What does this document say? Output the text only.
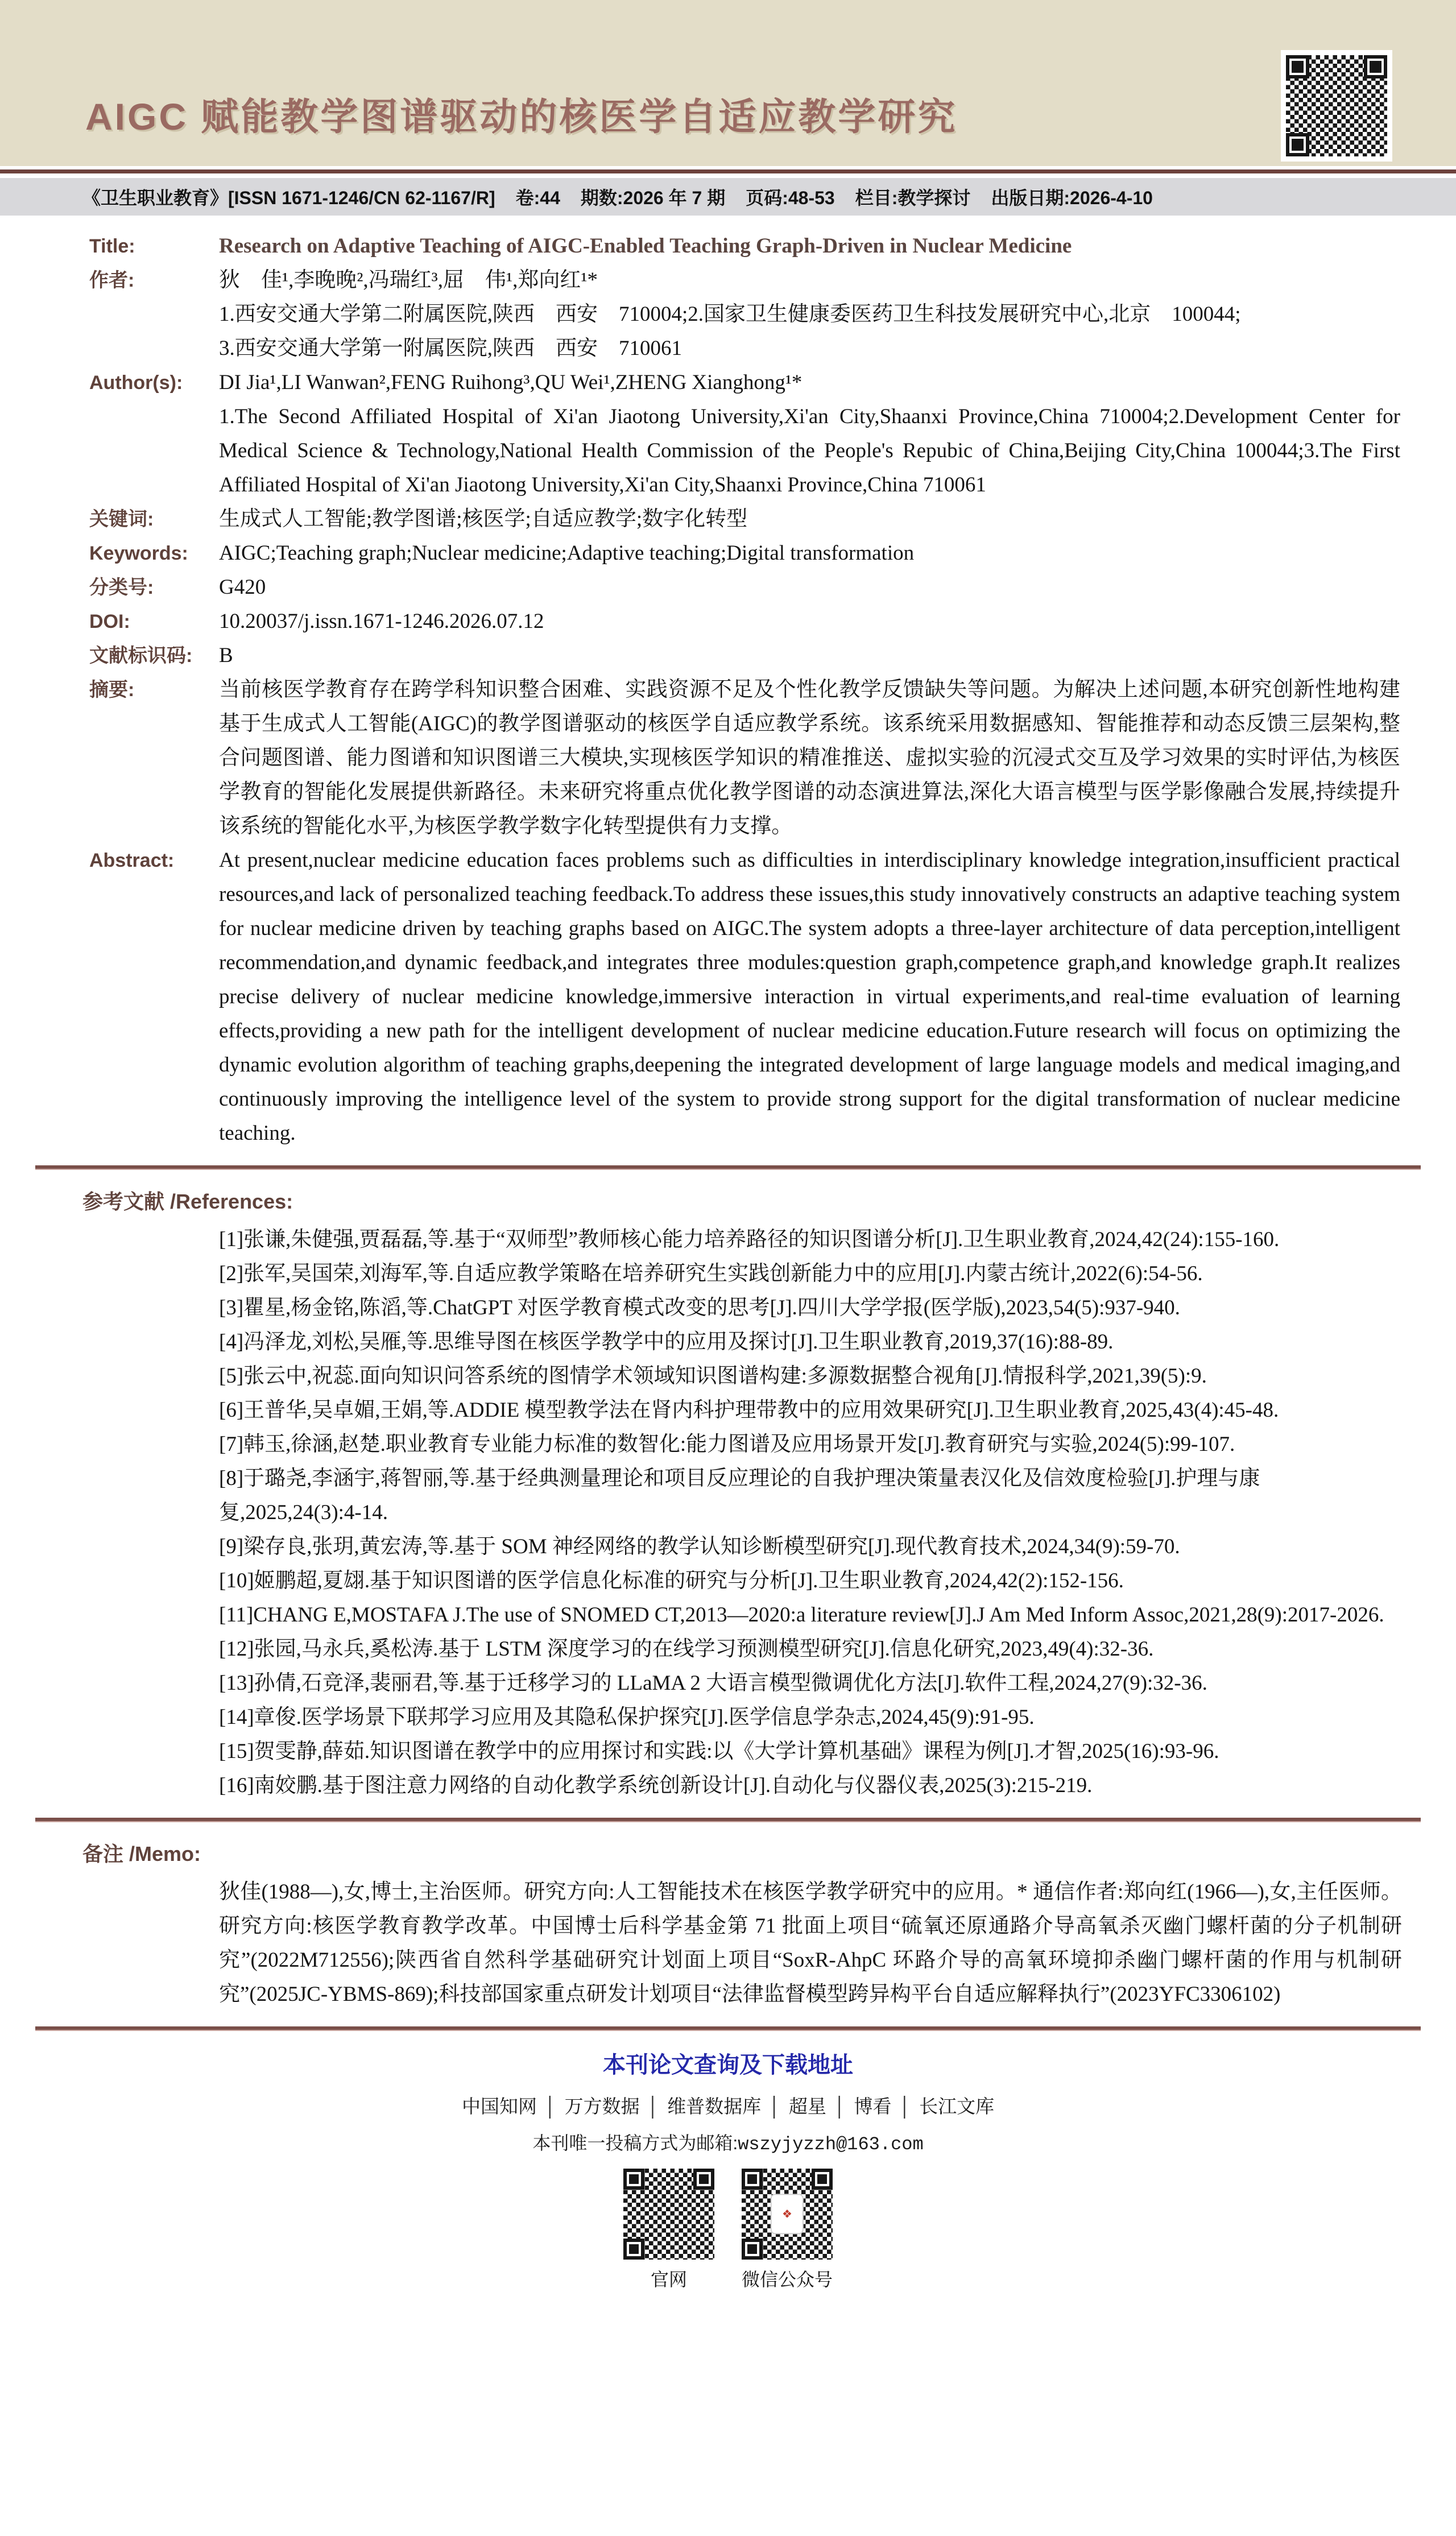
AIGC 赋能教学图谱驱动的核医学自适应教学研究
《卫生职业教育》[ISSN 1671-1246/CN 62-1167/R] 卷:44 期数:2026 年 7 期 页码:48-53 栏目:教学探讨 出版日期:2026-4-10
Title:	Research on Adaptive Teaching of AIGC-Enabled Teaching Graph-Driven in Nuclear Medicine

作者:	狄　佳¹,李晚晚²,冯瑞红³,屈　伟¹,郑向红¹*

1.西安交通大学第二附属医院,陕西　西安　710004;2.国家卫生健康委医药卫生科技发展研究中心,北京　100044;

3.西安交通大学第一附属医院,陕西　西安　710061

Author(s):	DI Jia¹,LI Wanwan²,FENG Ruihong³,QU Wei¹,ZHENG Xianghong¹*

1.The Second Affiliated Hospital of Xi'an Jiaotong University,Xi'an City,Shaanxi Province,China 710004;2.Development Center for Medical Science & Technology,National Health Commission of the People's Repubic of China,Beijing City,China 100044;3.The First Affiliated Hospital of Xi'an Jiaotong University,Xi'an City,Shaanxi Province,China 710061

关键词:	生成式人工智能;教学图谱;核医学;自适应教学;数字化转型

Keywords:	AIGC;Teaching graph;Nuclear medicine;Adaptive teaching;Digital transformation

分类号:	G420

DOI:	10.20037/j.issn.1671-1246.2026.07.12

文献标识码:	B

摘要:	当前核医学教育存在跨学科知识整合困难、实践资源不足及个性化教学反馈缺失等问题。为解决上述问题,本研究创新性地构建基于生成式人工智能(AIGC)的教学图谱驱动的核医学自适应教学系统。该系统采用数据感知、智能推荐和动态反馈三层架构,整合问题图谱、能力图谱和知识图谱三大模块,实现核医学知识的精准推送、虚拟实验的沉浸式交互及学习效果的实时评估,为核医学教育的智能化发展提供新路径。未来研究将重点优化教学图谱的动态演进算法,深化大语言模型与医学影像融合发展,持续提升该系统的智能化水平,为核医学教学数字化转型提供有力支撑。

Abstract:	At present,nuclear medicine education faces problems such as difficulties in interdisciplinary knowledge integration,insufficient practical resources,and lack of personalized teaching feedback.To address these issues,this study innovatively constructs an adaptive teaching system for nuclear medicine driven by teaching graphs based on AIGC.The system adopts a three-layer architecture of data perception,intelligent recommendation,and dynamic feedback,and integrates three modules:question graph,competence graph,and knowledge graph.It realizes precise delivery of nuclear medicine knowledge,immersive interaction in virtual experiments,and real-time evaluation of learning effects,providing a new path for the intelligent development of nuclear medicine education.Future research will focus on optimizing the dynamic evolution algorithm of teaching graphs,deepening the integrated development of large language models and medical imaging,and continuously improving the intelligence level of the system to provide strong support for the digital transformation of nuclear medicine teaching.

参考文献 /References:

[1]张谦,朱健强,贾磊磊,等.基于“双师型”教师核心能力培养路径的知识图谱分析[J].卫生职业教育,2024,42(24):155-160.

[2]张军,吴国荣,刘海军,等.自适应教学策略在培养研究生实践创新能力中的应用[J].内蒙古统计,2022(6):54-56.

[3]瞿星,杨金铭,陈滔,等.ChatGPT 对医学教育模式改变的思考[J].四川大学学报(医学版),2023,54(5):937-940.

[4]冯泽龙,刘松,吴雁,等.思维导图在核医学教学中的应用及探讨[J].卫生职业教育,2019,37(16):88-89.

[5]张云中,祝蕊.面向知识问答系统的图情学术领域知识图谱构建:多源数据整合视角[J].情报科学,2021,39(5):9.

[6]王普华,吴卓媚,王娟,等.ADDIE 模型教学法在肾内科护理带教中的应用效果研究[J].卫生职业教育,2025,43(4):45-48.

[7]韩玉,徐涵,赵楚.职业教育专业能力标准的数智化:能力图谱及应用场景开发[J].教育研究与实验,2024(5):99-107.

[8]于璐尧,李涵宇,蒋智丽,等.基于经典测量理论和项目反应理论的自我护理决策量表汉化及信效度检验[J].护理与康复,2025,24(3):4-14.

[9]梁存良,张玥,黄宏涛,等.基于 SOM 神经网络的教学认知诊断模型研究[J].现代教育技术,2024,34(9):59-70.

[10]姬鹏超,夏翃.基于知识图谱的医学信息化标准的研究与分析[J].卫生职业教育,2024,42(2):152-156.

[11]CHANG E,MOSTAFA J.The use of SNOMED CT,2013—2020:a literature review[J].J Am Med Inform Assoc,2021,28(9):2017-2026.

[12]张园,马永兵,奚松涛.基于 LSTM 深度学习的在线学习预测模型研究[J].信息化研究,2023,49(4):32-36.

[13]孙倩,石竞泽,裴丽君,等.基于迁移学习的 LLaMA 2 大语言模型微调优化方法[J].软件工程,2024,27(9):32-36.

[14]章俊.医学场景下联邦学习应用及其隐私保护探究[J].医学信息学杂志,2024,45(9):91-95.

[15]贺雯静,薛茹.知识图谱在教学中的应用探讨和实践:以《大学计算机基础》课程为例[J].才智,2025(16):93-96.

[16]南姣鹏.基于图注意力网络的自动化教学系统创新设计[J].自动化与仪器仪表,2025(3):215-219.

备注 /Memo:

狄佳(1988—),女,博士,主治医师。研究方向:人工智能技术在核医学教学研究中的应用。* 通信作者:郑向红(1966—),女,主任医师。研究方向:核医学教育教学改革。中国博士后科学基金第 71 批面上项目“硫氧还原通路介导高氧杀灭幽门螺杆菌的分子机制研究”(2022M712556);陕西省自然科学基础研究计划面上项目“SoxR-AhpC 环路介导的高氧环境抑杀幽门螺杆菌的作用与机制研究”(2025JC-YBMS-869);科技部国家重点研发计划项目“法律监督模型跨异构平台自适应解释执行”(2023YFC3306102)

本刊论文查询及下载地址
中国知网 │ 万方数据 │ 维普数据库 │ 超星 │ 博看 │ 长江文库
本刊唯一投稿方式为邮箱:wszyjyzzh@163.com
官网
❖
微信公众号
